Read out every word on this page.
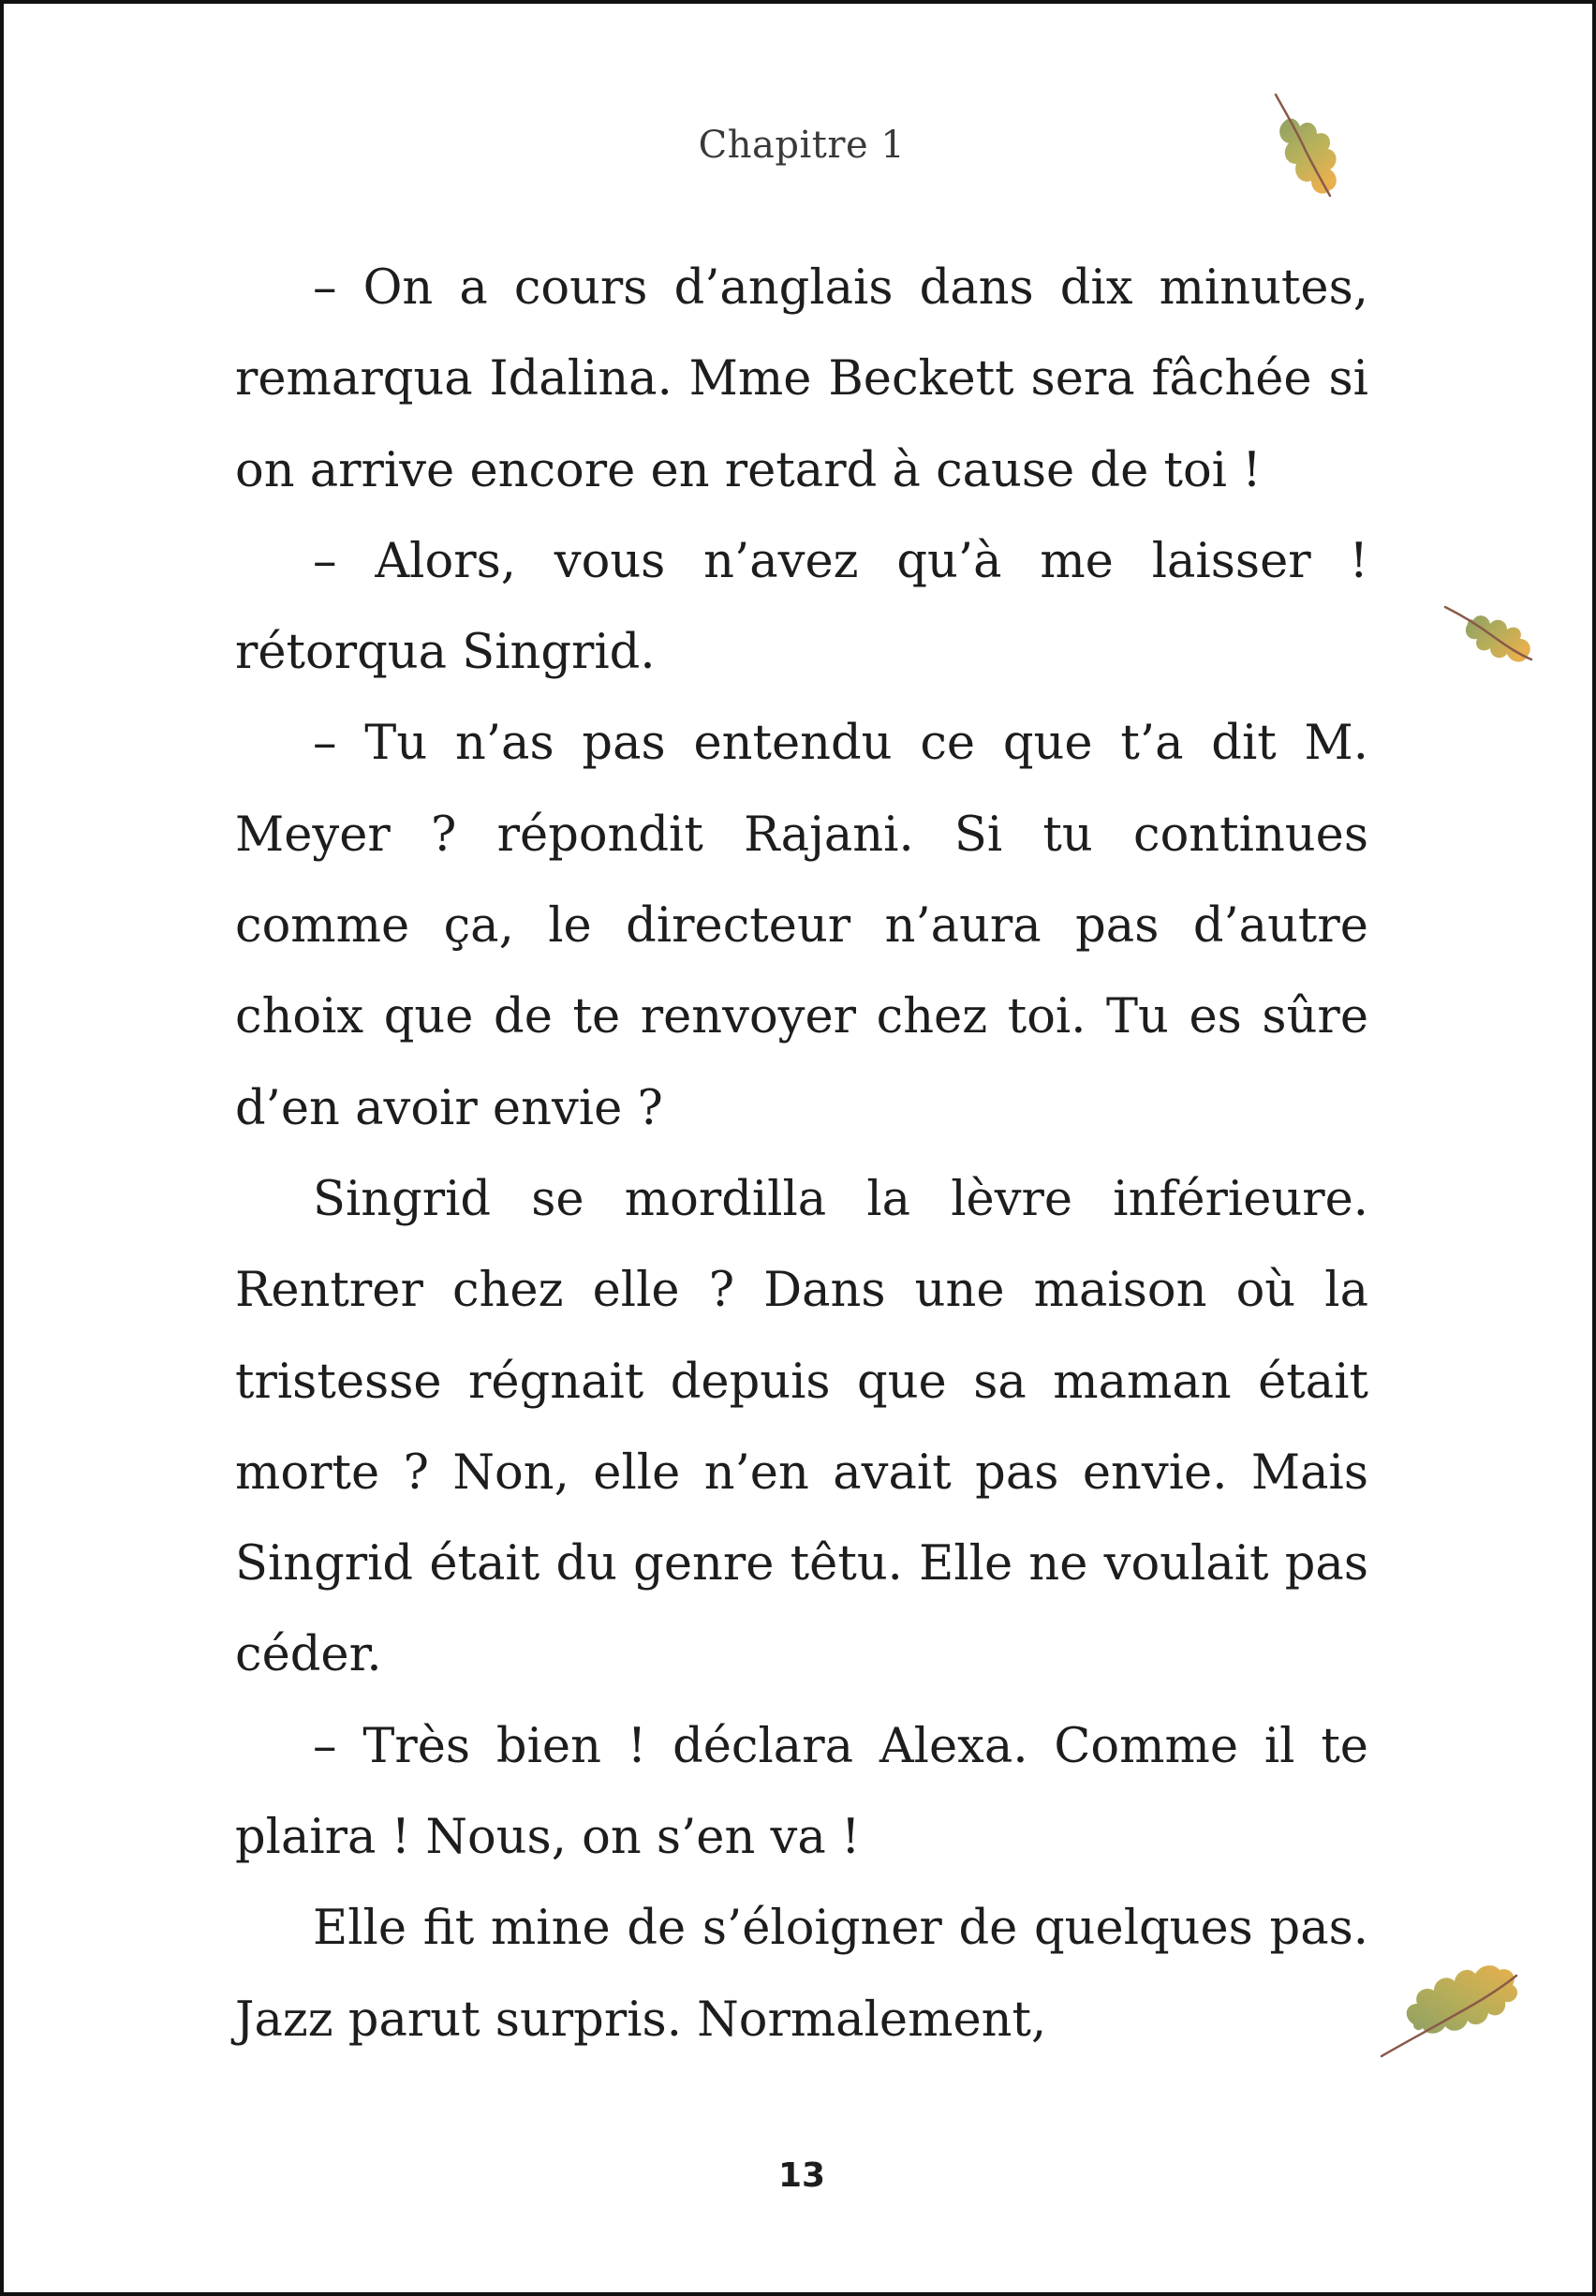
Chapitre 1

– On a cours d’anglais dans dix minutes, remarqua Idalina. Mme Beckett sera fâchée si on arrive encore en retard à cause de toi !

– Alors, vous n’avez qu’à me laisser ! rétorqua Singrid.

– Tu n’as pas entendu ce que t’a dit M. Meyer ? répondit Rajani. Si tu continues comme ça, le directeur n’aura pas d’autre choix que de te renvoyer chez toi. Tu es sûre d’en avoir envie ?

Singrid se mordilla la lèvre inférieure. Rentrer chez elle ? Dans une maison où la tristesse régnait depuis que sa maman était morte ? Non, elle n’en avait pas envie. Mais Singrid était du genre têtu. Elle ne voulait pas céder.

– Très bien ! déclara Alexa. Comme il te plaira ! Nous, on s’en va !

Elle fit mine de s’éloigner de quelques pas. Jazz parut surpris. Normalement,

13
